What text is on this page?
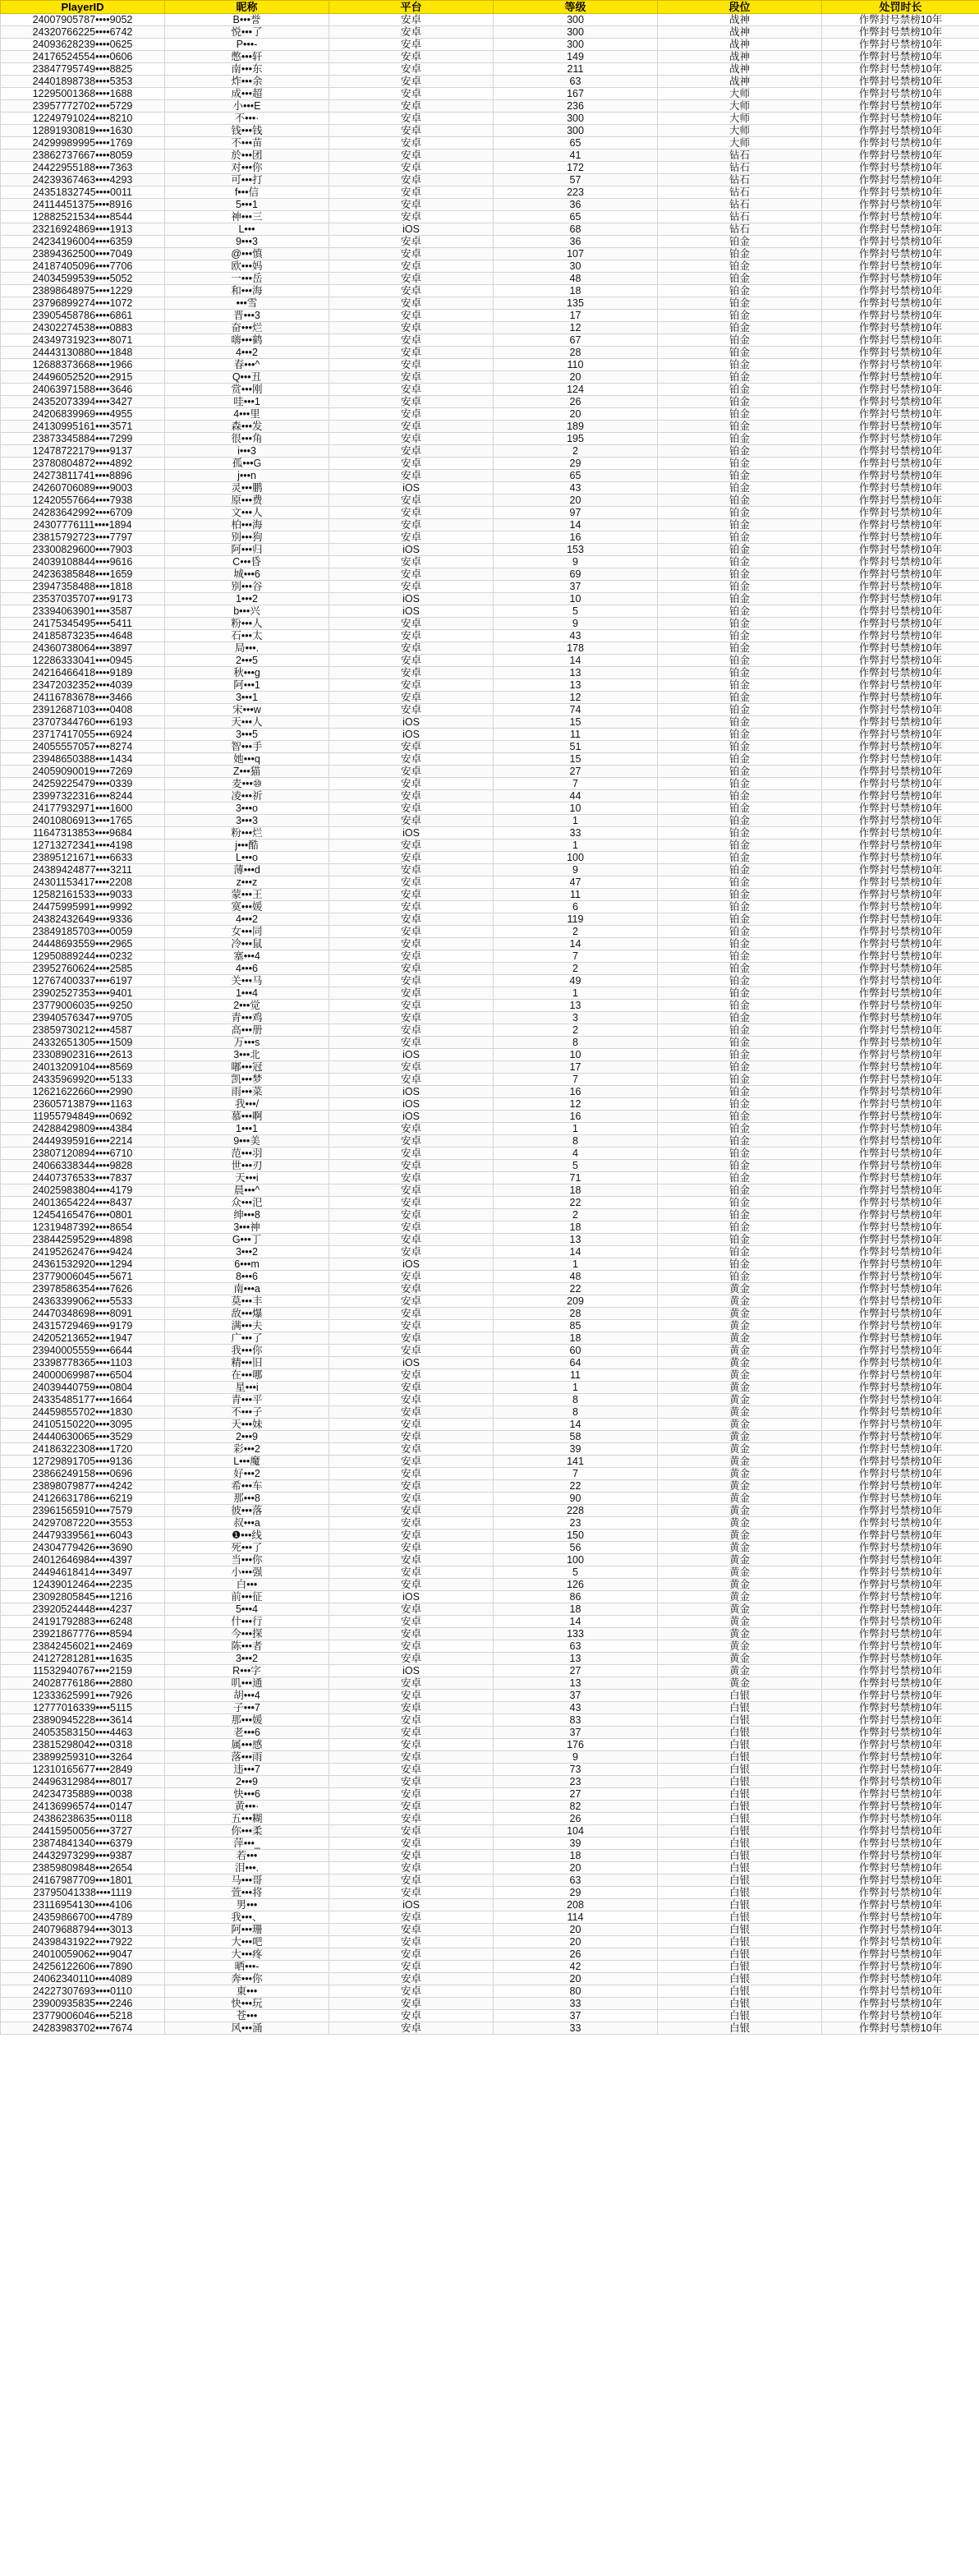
PlayerID	昵称	平台	等级	段位	处罚时长
24007905787••••9052	B•••誉	安卓	300	战神	作弊封号禁榜10年
24320766225••••6742	悦•••了	安卓	300	战神	作弊封号禁榜10年
24093628239••••0625	P•••-	安卓	300	战神	作弊封号禁榜10年
24176524554••••0606	憋•••轩	安卓	149	战神	作弊封号禁榜10年
23847795749••••8825	南•••东	安卓	211	战神	作弊封号禁榜10年
24401898738••••5353	炸•••余	安卓	63	战神	作弊封号禁榜10年
12295001368••••1688	成•••超	安卓	167	大师	作弊封号禁榜10年
23957772702••••5729	小•••E	安卓	236	大师	作弊封号禁榜10年
12249791024••••8210	不•••·	安卓	300	大师	作弊封号禁榜10年
12891930819••••1630	钱•••钱	安卓	300	大师	作弊封号禁榜10年
24299989995••••1769	不•••苗	安卓	65	大师	作弊封号禁榜10年
23862737667••••8059	於•••团	安卓	41	钻石	作弊封号禁榜10年
24422955188••••7363	对•••你	安卓	172	钻石	作弊封号禁榜10年
24239367463••••4293	可•••打	安卓	57	钻石	作弊封号禁榜10年
24351832745••••0011	f•••信	安卓	223	钻石	作弊封号禁榜10年
24114451375••••8916	5•••1	安卓	36	钻石	作弊封号禁榜10年
12882521534••••8544	神•••三	安卓	65	钻石	作弊封号禁榜10年
23216924869••••1913	L•••	iOS	68	钻石	作弊封号禁榜10年
24234196004••••6359	9•••3	安卓	36	铂金	作弊封号禁榜10年
23894362500••••7049	@•••慎	安卓	107	铂金	作弊封号禁榜10年
24187405096••••7706	欧•••妈	安卓	30	铂金	作弊封号禁榜10年
24034599539••••5052	一•••岳	安卓	48	铂金	作弊封号禁榜10年
23898648975••••1229	和•••海	安卓	18	铂金	作弊封号禁榜10年
23796899274••••1072	•••雪	安卓	135	铂金	作弊封号禁榜10年
23905458786••••6861	晋•••3	安卓	17	铂金	作弊封号禁榜10年
24302274538••••0883	奋•••烂	安卓	12	铂金	作弊封号禁榜10年
24349731923••••8071	嗨•••鹤	安卓	67	铂金	作弊封号禁榜10年
24443130880••••1848	4•••2	安卓	28	铂金	作弊封号禁榜10年
12688373668••••1966	春•••^	安卓	110	铂金	作弊封号禁榜10年
24496052520••••2915	Q•••丑	安卓	20	铂金	作弊封号禁榜10年
24063971588••••3646	赏•••刚	安卓	124	铂金	作弊封号禁榜10年
24352073394••••3427	哇•••1	安卓	26	铂金	作弊封号禁榜10年
24206839969••••4955	4•••里	安卓	20	铂金	作弊封号禁榜10年
24130995161••••3571	森•••发	安卓	189	铂金	作弊封号禁榜10年
23873345884••••7299	很•••角	安卓	195	铂金	作弊封号禁榜10年
12478722179••••9137	i•••3	安卓	2	铂金	作弊封号禁榜10年
23780804872••••4892	孤•••G	安卓	29	铂金	作弊封号禁榜10年
24273811741••••8896	j•••n	安卓	65	铂金	作弊封号禁榜10年
24260706089••••9003	灵•••鹏	iOS	43	铂金	作弊封号禁榜10年
12420557664••••7938	原•••费	安卓	20	铂金	作弊封号禁榜10年
24283642992••••6709	文•••人	安卓	97	铂金	作弊封号禁榜10年
24307776111••••1894	柏•••海	安卓	14	铂金	作弊封号禁榜10年
23815792723••••7797	别•••狗	安卓	16	铂金	作弊封号禁榜10年
23300829600••••7903	阿•••归	iOS	153	铂金	作弊封号禁榜10年
24039108844••••9616	C•••昏	安卓	9	铂金	作弊封号禁榜10年
24236385848••••1659	城•••6	安卓	69	铂金	作弊封号禁榜10年
23947358488••••1818	别•••谷	安卓	37	铂金	作弊封号禁榜10年
23537035707••••9173	1•••2	iOS	10	铂金	作弊封号禁榜10年
23394063901••••3587	b•••兴	iOS	5	铂金	作弊封号禁榜10年
24175345495••••5411	粉•••人	安卓	9	铂金	作弊封号禁榜10年
24185873235••••4648	石•••太	安卓	43	铂金	作弊封号禁榜10年
24360738064••••3897	局•••.	安卓	178	铂金	作弊封号禁榜10年
12286333041••••0945	2•••5	安卓	14	铂金	作弊封号禁榜10年
24216466418••••9189	秋•••g	安卓	13	铂金	作弊封号禁榜10年
23472032352••••4039	阿•••1	安卓	13	铂金	作弊封号禁榜10年
24116783678••••3466	3•••1	安卓	12	铂金	作弊封号禁榜10年
23912687103••••0408	宋•••w	安卓	74	铂金	作弊封号禁榜10年
23707344760••••6193	天•••人	iOS	15	铂金	作弊封号禁榜10年
23717417055••••6924	3•••5	iOS	11	铂金	作弊封号禁榜10年
24055557057••••8274	智•••手	安卓	51	铂金	作弊封号禁榜10年
23948650388••••1434	她•••q	安卓	15	铂金	作弊封号禁榜10年
24059090019••••7269	Z•••猫	安卓	27	铂金	作弊封号禁榜10年
24259225479••••0339	麦•••⑩	安卓	7	铂金	作弊封号禁榜10年
23997322316••••8244	凌•••祈	安卓	44	铂金	作弊封号禁榜10年
24177932971••••1600	3•••o	安卓	10	铂金	作弊封号禁榜10年
24010806913••••1765	3•••3	安卓	1	铂金	作弊封号禁榜10年
11647313853••••9684	粉•••烂	iOS	33	铂金	作弊封号禁榜10年
12713272341••••4198	j•••酷	安卓	1	铂金	作弊封号禁榜10年
23895121671••••6633	L•••o	安卓	100	铂金	作弊封号禁榜10年
24389424877••••3211	薄•••d	安卓	9	铂金	作弊封号禁榜10年
24301153417••••2208	z•••z	安卓	47	铂金	作弊封号禁榜10年
12582161533••••9033	蒙•••王	安卓	11	铂金	作弊封号禁榜10年
24475995991••••9992	寞•••媛	安卓	6	铂金	作弊封号禁榜10年
24382432649••••9336	4•••2	安卓	119	铂金	作弊封号禁榜10年
23849185703••••0059	女•••同	安卓	2	铂金	作弊封号禁榜10年
24448693559••••2965	冷•••鼠	安卓	14	铂金	作弊封号禁榜10年
12950889244••••0232	塞•••4	安卓	7	铂金	作弊封号禁榜10年
23952760624••••2585	4•••6	安卓	2	铂金	作弊封号禁榜10年
12767400337••••6197	关•••马	安卓	49	铂金	作弊封号禁榜10年
23902527353••••9401	1•••4	安卓	1	铂金	作弊封号禁榜10年
23779006035••••9250	2•••觉	安卓	13	铂金	作弊封号禁榜10年
23940576347••••9705	青•••鸡	安卓	3	铂金	作弊封号禁榜10年
23859730212••••4587	高•••册	安卓	2	铂金	作弊封号禁榜10年
24332651305••••1509	万•••s	安卓	8	铂金	作弊封号禁榜10年
23308902316••••2613	3•••北	iOS	10	铂金	作弊封号禁榜10年
24013209104••••8569	嘟•••冠	安卓	17	铂金	作弊封号禁榜10年
24335969920••••5133	凯•••梦	安卓	7	铂金	作弊封号禁榜10年
12621622660••••2990	雨•••菜	iOS	16	铂金	作弊封号禁榜10年
23605713879••••1163	我•••/	iOS	12	铂金	作弊封号禁榜10年
11955794849••••0692	慕•••啊	iOS	16	铂金	作弊封号禁榜10年
24288429809••••4384	1•••1	安卓	1	铂金	作弊封号禁榜10年
24449395916••••2214	9•••美	安卓	8	铂金	作弊封号禁榜10年
23807120894••••6710	范•••羽	安卓	4	铂金	作弊封号禁榜10年
24066338344••••9828	世•••刃	安卓	5	铂金	作弊封号禁榜10年
24407376533••••7837	天•••i	安卓	71	铂金	作弊封号禁榜10年
24025983804••••4179	晨•••^	安卓	18	铂金	作弊封号禁榜10年
24013654224••••8437	众•••汜	安卓	22	铂金	作弊封号禁榜10年
12454165476••••0801	绅•••8	安卓	2	铂金	作弊封号禁榜10年
12319487392••••8654	3•••神	安卓	18	铂金	作弊封号禁榜10年
23844259529••••4898	G•••丁	安卓	13	铂金	作弊封号禁榜10年
24195262476••••9424	3•••2	安卓	14	铂金	作弊封号禁榜10年
24361532920••••1294	6•••m	iOS	1	铂金	作弊封号禁榜10年
23779006045••••5671	8•••6	安卓	48	铂金	作弊封号禁榜10年
23978586354••••7626	南•••a	安卓	22	黄金	作弊封号禁榜10年
24363399062••••5533	莫•••丰	安卓	209	黄金	作弊封号禁榜10年
24470348698••••8091	敌•••爆	安卓	28	黄金	作弊封号禁榜10年
24315729469••••9179	满•••夫	安卓	85	黄金	作弊封号禁榜10年
24205213652••••1947	广•••了	安卓	18	黄金	作弊封号禁榜10年
23940005559••••6644	我•••你	安卓	60	黄金	作弊封号禁榜10年
23398778365••••1103	精•••旧	iOS	64	黄金	作弊封号禁榜10年
24000069987••••6504	在•••哪	安卓	11	黄金	作弊封号禁榜10年
24039440759••••0804	星•••i	安卓	1	黄金	作弊封号禁榜10年
24335485177••••1664	青•••平	安卓	8	黄金	作弊封号禁榜10年
24459855702••••1830	不•••子	安卓	8	黄金	作弊封号禁榜10年
24105150220••••3095	天•••妹	安卓	14	黄金	作弊封号禁榜10年
24440630065••••3529	2•••9	安卓	58	黄金	作弊封号禁榜10年
24186322308••••1720	彩•••2	安卓	39	黄金	作弊封号禁榜10年
12729891705••••9136	L•••魔	安卓	141	黄金	作弊封号禁榜10年
23866249158••••0696	好•••2	安卓	7	黄金	作弊封号禁榜10年
23898079877••••4242	希•••车	安卓	22	黄金	作弊封号禁榜10年
24126631786••••6219	那•••8	安卓	90	黄金	作弊封号禁榜10年
23961565910••••7579	彼•••落	安卓	228	黄金	作弊封号禁榜10年
24297087220••••3553	叔•••a	安卓	23	黄金	作弊封号禁榜10年
24479339561••••6043	❶•••线	安卓	150	黄金	作弊封号禁榜10年
24304779426••••3690	死•••了	安卓	56	黄金	作弊封号禁榜10年
24012646984••••4397	当•••你	安卓	100	黄金	作弊封号禁榜10年
24494618414••••3497	小•••强	安卓	5	黄金	作弊封号禁榜10年
12439012464••••2235	白•••	安卓	126	黄金	作弊封号禁榜10年
23092805845••••1216	前•••征	iOS	86	黄金	作弊封号禁榜10年
23920524448••••4237	5•••4	安卓	18	黄金	作弊封号禁榜10年
24191792883••••6248	什•••行	安卓	14	黄金	作弊封号禁榜10年
23921867776••••8594	今•••探	安卓	133	黄金	作弊封号禁榜10年
23842456021••••2469	陈•••者	安卓	63	黄金	作弊封号禁榜10年
24127281281••••1635	3•••2	安卓	13	黄金	作弊封号禁榜10年
11532940767••••2159	R•••字	iOS	27	黄金	作弊封号禁榜10年
24028776186••••2880	叽•••通	安卓	13	黄金	作弊封号禁榜10年
12333625991••••7926	胡•••4	安卓	37	白银	作弊封号禁榜10年
12777016339••••5115	子•••7	安卓	43	白银	作弊封号禁榜10年
23890945228••••3614	那•••媛	安卓	83	白银	作弊封号禁榜10年
24053583150••••4463	老•••6	安卓	37	白银	作弊封号禁榜10年
23815298042••••0318	属•••感	安卓	176	白银	作弊封号禁榜10年
23899259310••••3264	落•••雨	安卓	9	白银	作弊封号禁榜10年
12310165677••••2849	违•••7	安卓	73	白银	作弊封号禁榜10年
24496312984••••8017	2•••9	安卓	23	白银	作弊封号禁榜10年
24234735889••••0038	快•••6	安卓	27	白银	作弊封号禁榜10年
24136996574••••0147	黄•••·	安卓	82	白银	作弊封号禁榜10年
24386238635••••0118	五•••糊	安卓	26	白银	作弊封号禁榜10年
24415950056••••3727	你•••柔	安卓	104	白银	作弊封号禁榜10年
23874841340••••6379	萍•••_	安卓	39	白银	作弊封号禁榜10年
24432973299••••9387	若•••	安卓	18	白银	作弊封号禁榜10年
23859809848••••2654	泪•••.	安卓	20	白银	作弊封号禁榜10年
24167987709••••1801	马•••哥	安卓	63	白银	作弊封号禁榜10年
23795041338••••1119	萱•••将	安卓	29	白银	作弊封号禁榜10年
23116954130••••4106	男•••	iOS	208	白银	作弊封号禁榜10年
24359866700••••4789	我•••、	安卓	114	白银	作弊封号禁榜10年
24079688794••••3013	阿•••珊	安卓	20	白银	作弊封号禁榜10年
24398431922••••7922	大•••吧	安卓	20	白银	作弊封号禁榜10年
24010059062••••9047	大•••疼	安卓	26	白银	作弊封号禁榜10年
24256122606••••7890	晒•••-	安卓	42	白银	作弊封号禁榜10年
24062340110••••4089	奔•••你	安卓	20	白银	作弊封号禁榜10年
24227307693••••0110	東•••	安卓	80	白银	作弊封号禁榜10年
23900935835••••2246	快•••玩	安卓	33	白银	作弊封号禁榜10年
23779006046••••5218	苍•••	安卓	37	白银	作弊封号禁榜10年
24283983702••••7674	风•••涌	安卓	33	白银	作弊封号禁榜10年
